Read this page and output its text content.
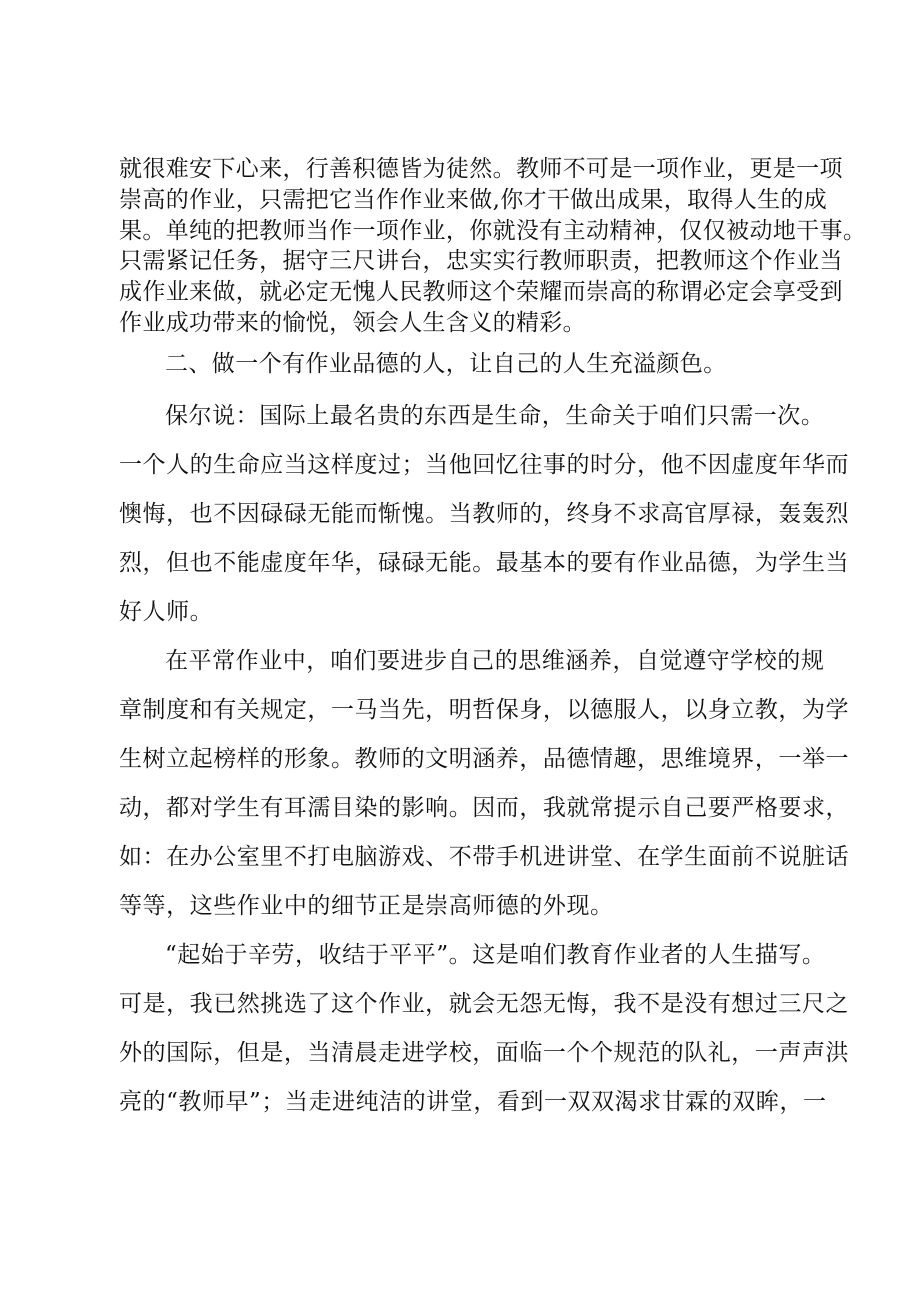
就很难安下心来，行善积德皆为徒然。教师不可是一项作业，更是一项
崇高的作业，只需把它当作作业来做,你才干做出成果，取得人生的成
果。单纯的把教师当作一项作业，你就没有主动精神，仅仅被动地干事。
只需紧记任务，据守三尺讲台，忠实实行教师职责，把教师这个作业当
成作业来做，就必定无愧人民教师这个荣耀而崇高的称谓必定会享受到
作业成功带来的愉悦，领会人生含义的精彩。
二、做一个有作业品德的人，让自己的人生充溢颜色。
保尔说：国际上最名贵的东西是生命，生命关于咱们只需一次。
一个人的生命应当这样度过；当他回忆往事的时分，他不因虚度年华而
懊悔，也不因碌碌无能而惭愧。当教师的，终身不求高官厚禄，轰轰烈
烈，但也不能虚度年华，碌碌无能。最基本的要有作业品德，为学生当
好人师。
在平常作业中，咱们要进步自己的思维涵养，自觉遵守学校的规
章制度和有关规定，一马当先，明哲保身，以德服人，以身立教，为学
生树立起榜样的形象。教师的文明涵养，品德情趣，思维境界，一举一
动，都对学生有耳濡目染的影响。因而，我就常提示自己要严格要求，
如：在办公室里不打电脑游戏、不带手机进讲堂、在学生面前不说脏话
等等，这些作业中的细节正是崇高师德的外现。
“起始于辛劳，收结于平平”。这是咱们教育作业者的人生描写。
可是，我已然挑选了这个作业，就会无怨无悔，我不是没有想过三尺之
外的国际，但是，当清晨走进学校，面临一个个规范的队礼，一声声洪
亮的“教师早”；当走进纯洁的讲堂，看到一双双渴求甘霖的双眸，一
